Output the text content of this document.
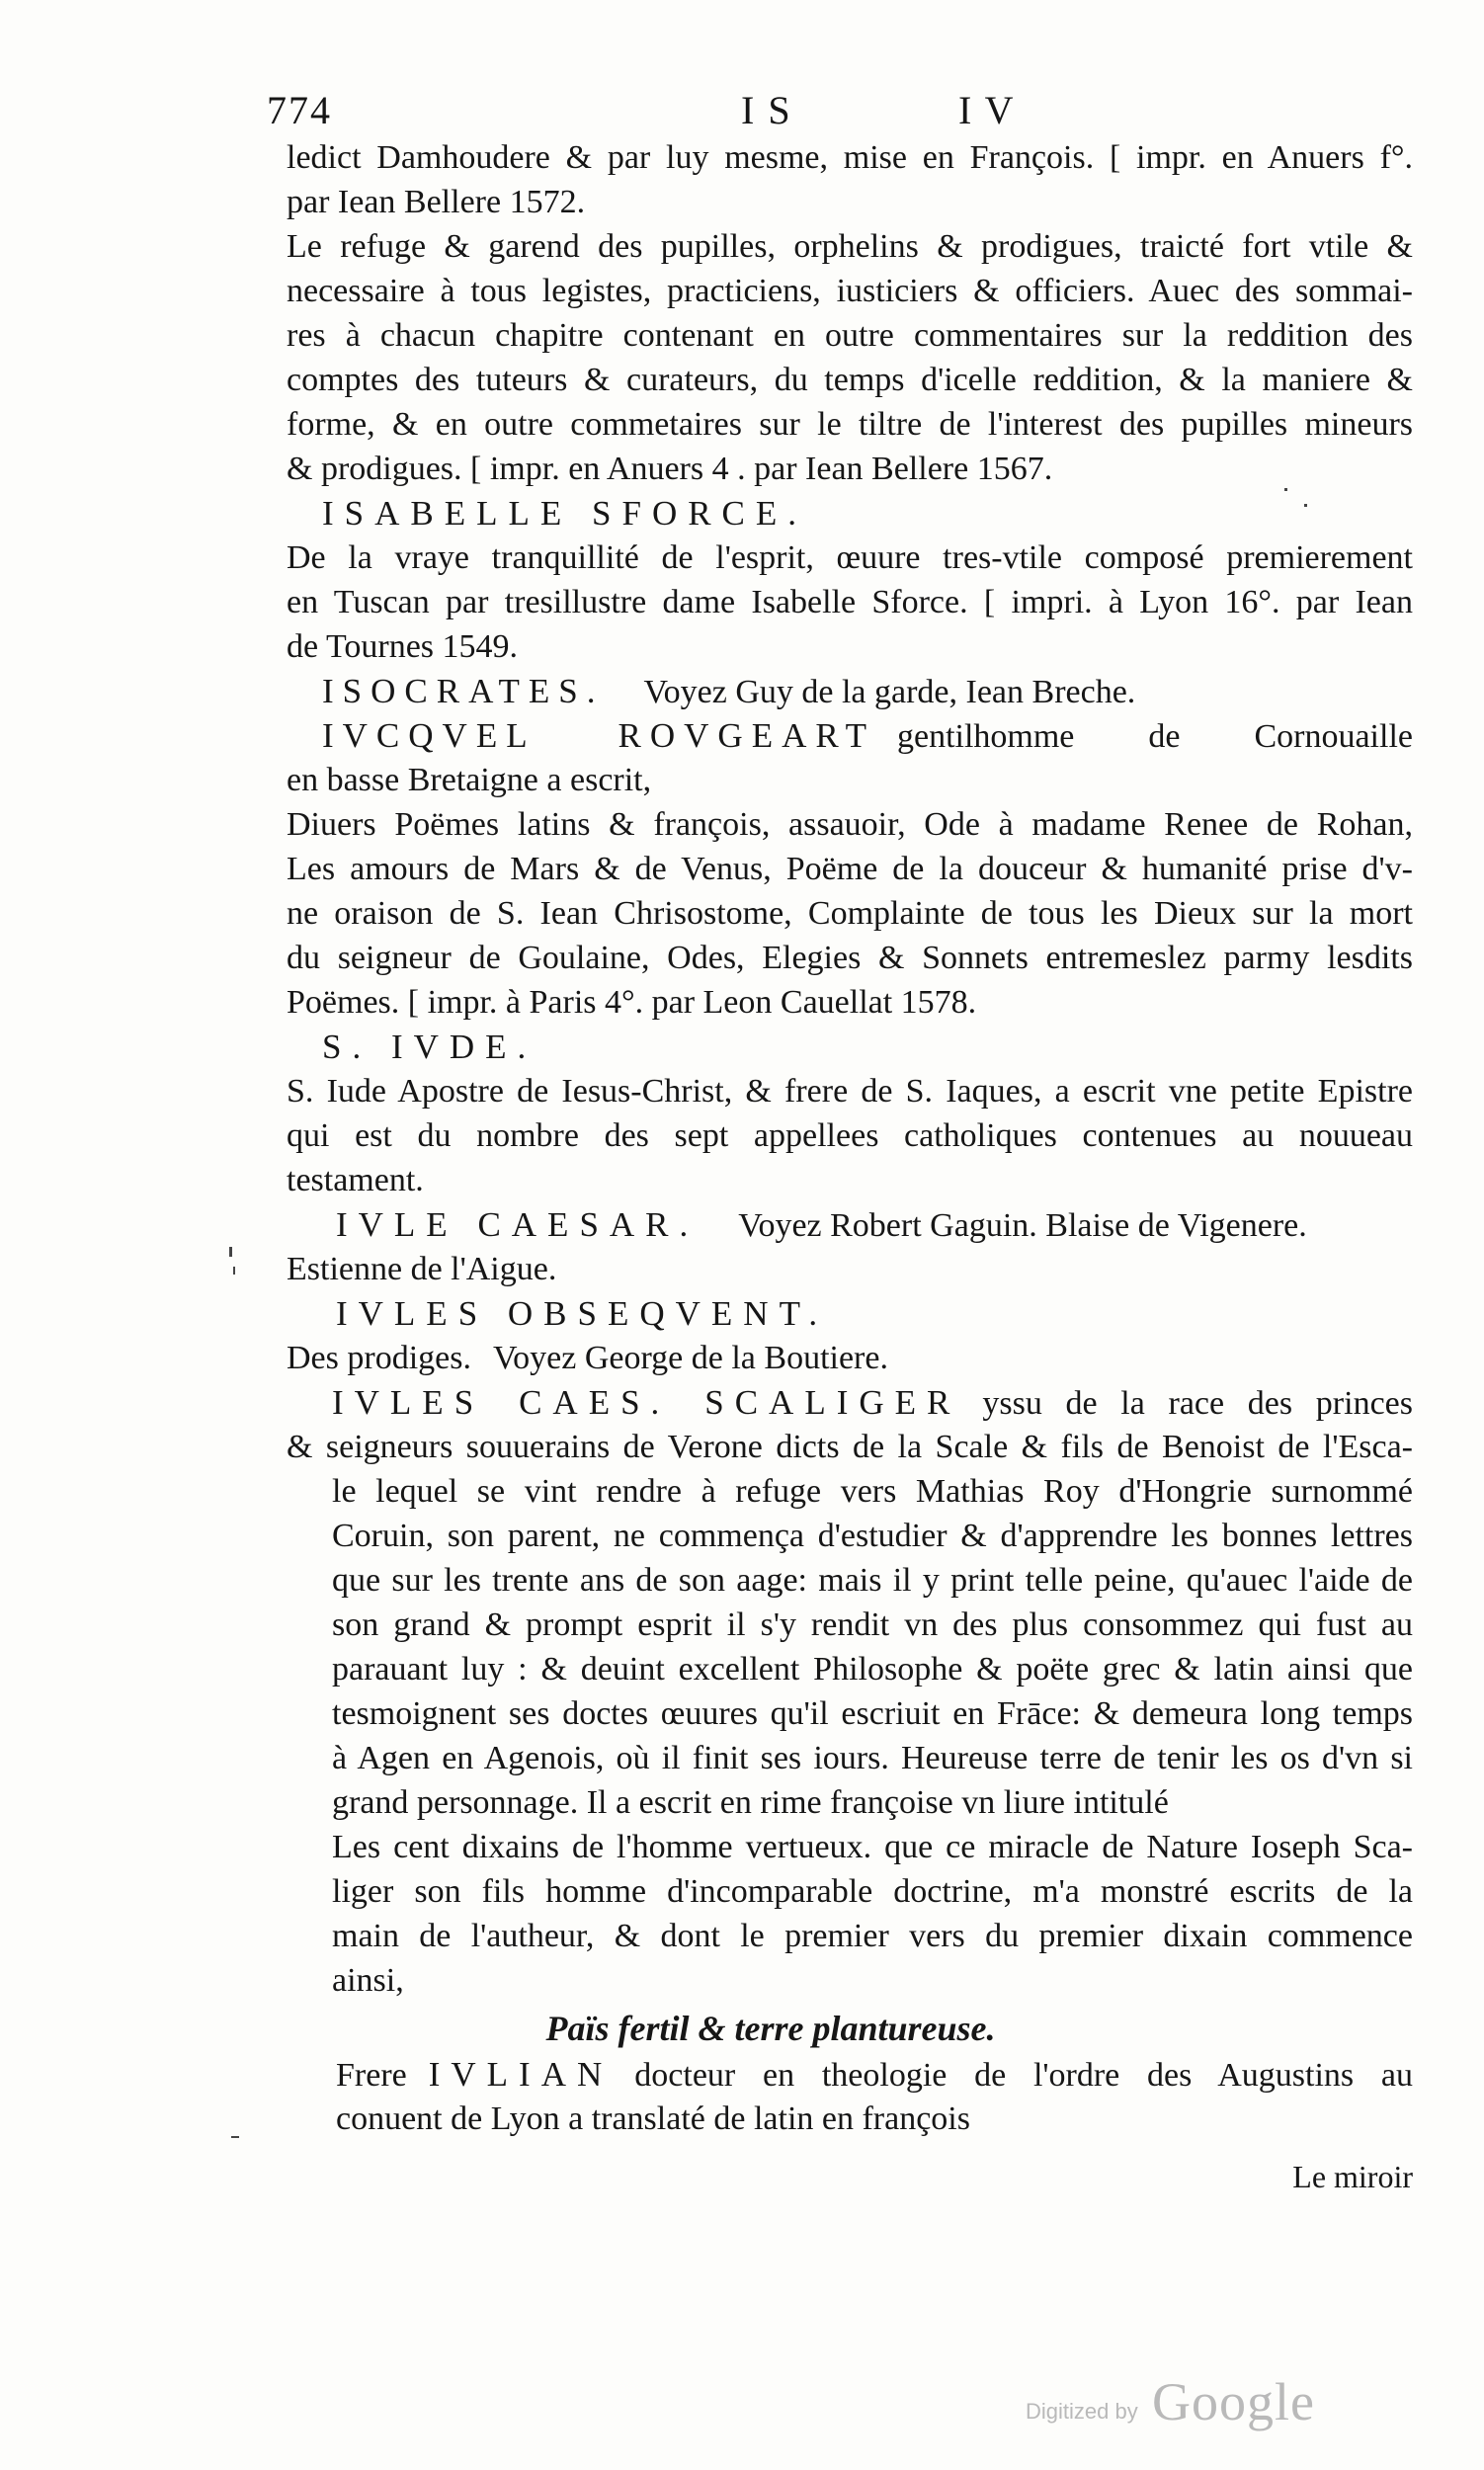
774	I S	I V
ledict Damhoudere & par luy mesme, mise en François. [ impr. en Anuers f°.
par Iean Bellere 1572.
Le refuge & garend des pupilles, orphelins & prodigues, traicté fort vtile &
necessaire à tous legistes, practiciens, iusticiers & officiers. Auec des sommai-
res à chacun chapitre contenant en outre commentaires sur la reddition des
comptes des tuteurs & curateurs, du temps d'icelle reddition, & la maniere &
forme, & en outre commetaires sur le tiltre de l'interest des pupilles mineurs
& prodigues. [ impr. en Anuers 4 . par Iean Bellere 1567.
ISABELLE SFORCE.
De la vraye tranquillité de l'esprit, œuure tres-vtile composé premierement
en Tuscan par tresillustre dame Isabelle Sforce. [ impri. à Lyon 16°. par Iean
de Tournes 1549.
ISOCRATES. Voyez Guy de la garde, Iean Breche.
IVCQVEL ROVGEART gentilhomme de Cornouaille
en basse Bretaigne a escrit,
Diuers Poëmes latins & françois, assauoir, Ode à madame Renee de Rohan,
Les amours de Mars & de Venus, Poëme de la douceur & humanité prise d'v-
ne oraison de S. Iean Chrisostome, Complainte de tous les Dieux sur la mort
du seigneur de Goulaine, Odes, Elegies & Sonnets entremeslez parmy lesdits
Poëmes. [ impr. à Paris 4°. par Leon Cauellat 1578.
S. IVDE.
S. Iude Apostre de Iesus-Christ, & frere de S. Iaques, a escrit vne petite Epistre
qui est du nombre des sept appellees catholiques contenues au nouueau
testament.
IVLE CAESAR. Voyez Robert Gaguin. Blaise de Vigenere.
Estienne de l'Aigue.
IVLES OBSEQVENT.
Des prodiges. Voyez George de la Boutiere.
IVLES CAES. SCALIGER yssu de la race des princes
& seigneurs souuerains de Verone dicts de la Scale & fils de Benoist de l'Esca-
le lequel se vint rendre à refuge vers Mathias Roy d'Hongrie surnommé
Coruin, son parent, ne commença d'estudier & d'apprendre les bonnes lettres
que sur les trente ans de son aage: mais il y print telle peine, qu'auec l'aide de
son grand & prompt esprit il s'y rendit vn des plus consommez qui fust au
parauant luy : & deuint excellent Philosophe & poëte grec & latin ainsi que
tesmoignent ses doctes œuures qu'il escriuit en Frāce: & demeura long temps
à Agen en Agenois, où il finit ses iours. Heureuse terre de tenir les os d'vn si
grand personnage. Il a escrit en rime françoise vn liure intitulé
Les cent dixains de l'homme vertueux. que ce miracle de Nature Ioseph Sca-
liger son fils homme d'incomparable doctrine, m'a monstré escrits de la
main de l'autheur, & dont le premier vers du premier dixain commence
ainsi,
Païs fertil & terre plantureuse.
Frere IVLIAN docteur en theologie de l'ordre des Augustins au
conuent de Lyon a translaté de latin en françois
Le miroir
Digitized by Google
